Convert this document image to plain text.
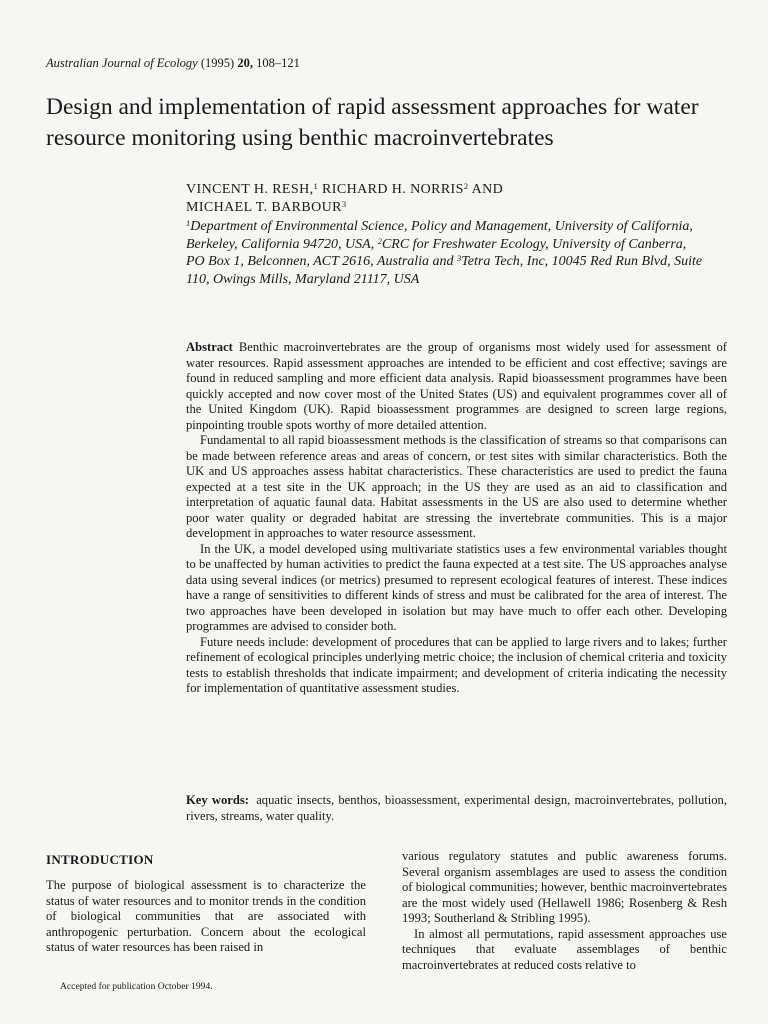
Australian Journal of Ecology (1995) 20, 108–121
Design and implementation of rapid assessment approaches for water resource monitoring using benthic macroinvertebrates
VINCENT H. RESH,$^1$ RICHARD H. NORRIS$^2$ AND
MICHAEL T. BARBOUR$^3$
$^1$Department of Environmental Science, Policy and Management, University of California, Berkeley, California 94720, USA, $^2$CRC for Freshwater Ecology, University of Canberra, PO Box 1, Belconnen, ACT 2616, Australia and $^3$Tetra Tech, Inc, 10045 Red Run Blvd, Suite 110, Owings Mills, Maryland 21117, USA

Abstract Benthic macroinvertebrates are the group of organisms most widely used for assessment of water resources. Rapid assessment approaches are intended to be efficient and cost effective; savings are found in reduced sampling and more efficient data analysis. Rapid bioassessment programmes have been quickly accepted and now cover most of the United States (US) and equivalent programmes cover all of the United Kingdom (UK). Rapid bioassessment programmes are designed to screen large regions, pinpointing trouble spots worthy of more detailed attention.

Fundamental to all rapid bioassessment methods is the classification of streams so that comparisons can be made between reference areas and areas of concern, or test sites with similar characteristics. Both the UK and US approaches assess habitat characteristics. These characteristics are used to predict the fauna expected at a test site in the UK approach; in the US they are used as an aid to classification and interpretation of aquatic faunal data. Habitat assessments in the US are also used to determine whether poor water quality or degraded habitat are stressing the invertebrate communities. This is a major development in approaches to water resource assessment.

In the UK, a model developed using multivariate statistics uses a few environmental variables thought to be unaffected by human activities to predict the fauna expected at a test site. The US approaches analyse data using several indices (or metrics) presumed to represent ecological features of interest. These indices have a range of sensitivities to different kinds of stress and must be calibrated for the area of interest. The two approaches have been developed in isolation but may have much to offer each other. Developing programmes are advised to consider both.

Future needs include: development of procedures that can be applied to large rivers and to lakes; further refinement of ecological principles underlying metric choice; the inclusion of chemical criteria and toxicity tests to establish thresholds that indicate impairment; and development of criteria indicating the necessity for implementation of quantitative assessment studies.

Key words: aquatic insects, benthos, bioassessment, experimental design, macroinvertebrates, pollution, rivers, streams, water quality.
INTRODUCTION

The purpose of biological assessment is to characterize the status of water resources and to monitor trends in the condition of biological communities that are associated with anthropogenic perturbation. Concern about the ecological status of water resources has been raised in

Accepted for publication October 1994.

various regulatory statutes and public awareness forums. Several organism assemblages are used to assess the condition of biological communities; however, benthic macroinvertebrates are the most widely used (Hellawell 1986; Rosenberg & Resh 1993; Southerland & Stribling 1995).

In almost all permutations, rapid assessment approaches use techniques that evaluate assemblages of benthic macroinvertebrates at reduced costs relative to
